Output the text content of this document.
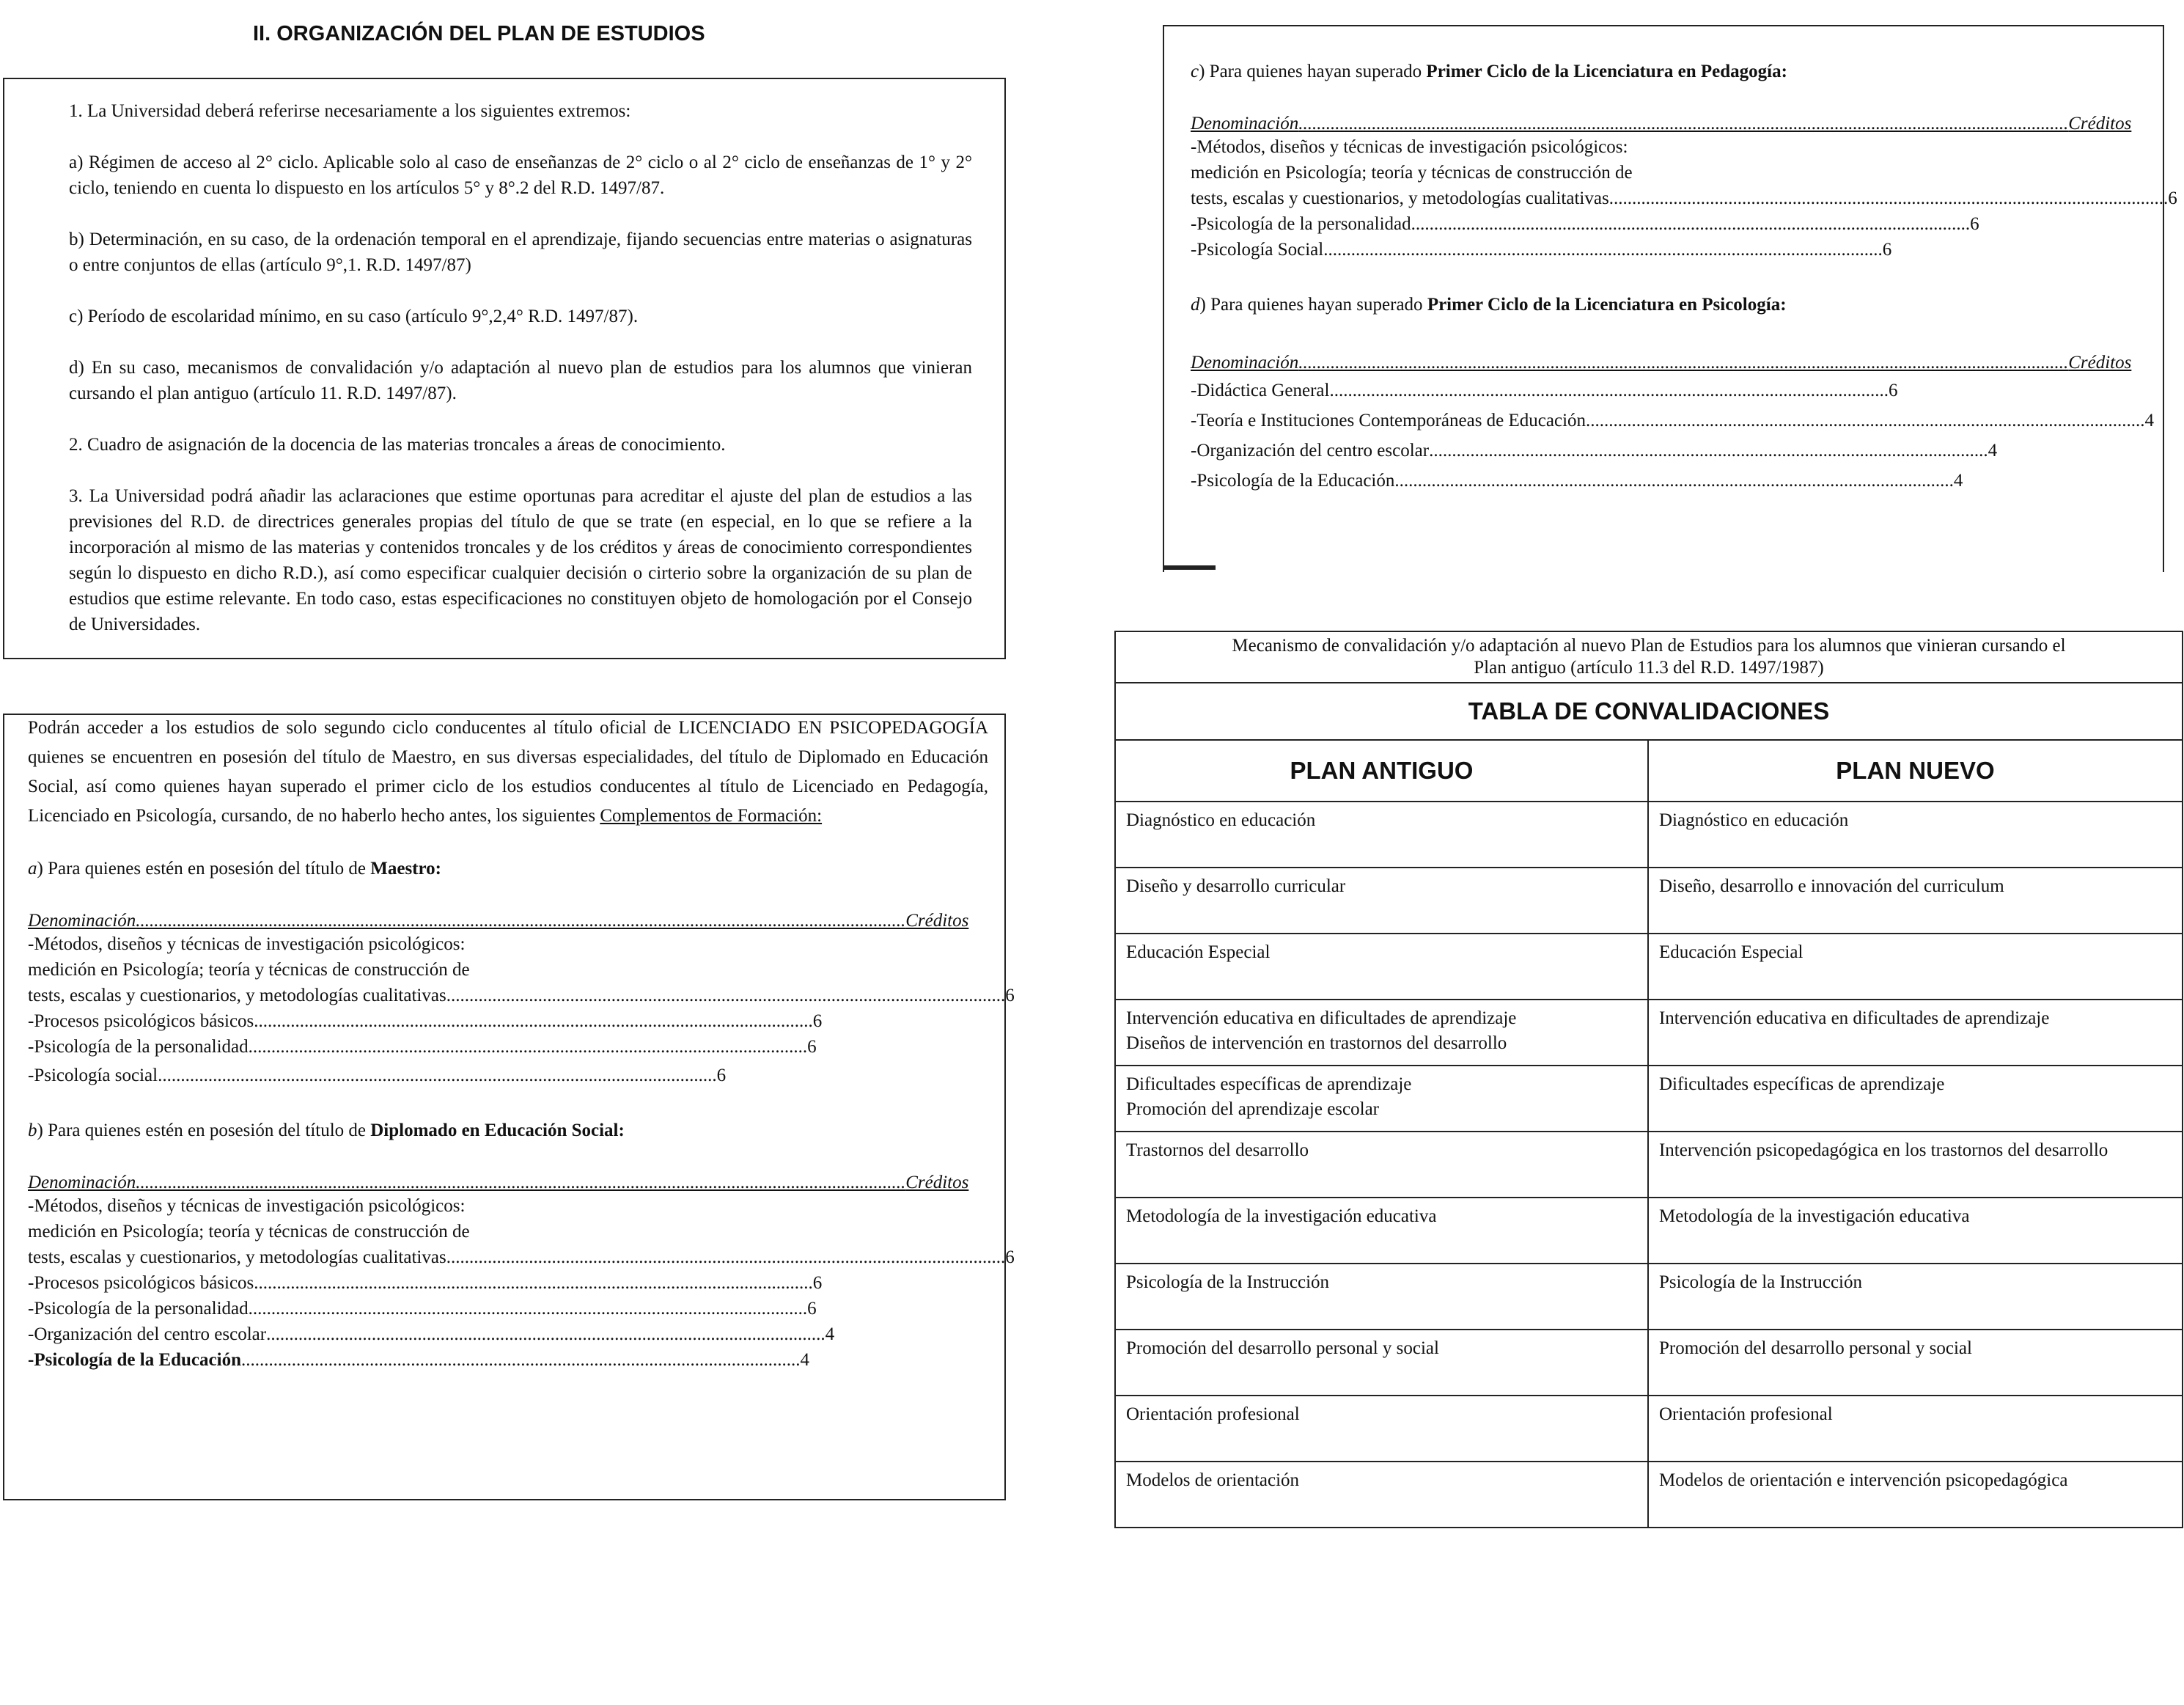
II. ORGANIZACIÓN DEL PLAN DE ESTUDIOS

1. La Universidad deberá referirse necesariamente a los siguientes extremos:

a) Régimen de acceso al 2° ciclo. Aplicable solo al caso de enseñanzas de 2° ciclo o al 2° ciclo de enseñanzas de 1° y 2° ciclo, teniendo en cuenta lo dispuesto en los artículos 5° y 8°.2 del R.D. 1497/87.

b) Determinación, en su caso, de la ordenación temporal en el aprendizaje, fijando secuencias entre materias o asignaturas o entre conjuntos de ellas (artículo 9°,1. R.D. 1497/87)

c) Período de escolaridad mínimo, en su caso (artículo 9°,2,4° R.D. 1497/87).

d) En su caso, mecanismos de convalidación y/o adaptación al nuevo plan de estudios para los alumnos que vinieran cursando el plan antiguo (artículo 11. R.D. 1497/87).

2. Cuadro de asignación de la docencia de las materias troncales a áreas de conocimiento.

3. La Universidad podrá añadir las aclaraciones que estime oportunas para acreditar el ajuste del plan de estudios a las previsiones del R.D. de directrices generales propias del título de que se trate (en especial, en lo que se refiere a la incorporación al mismo de las materias y contenidos troncales y de los créditos y áreas de conocimiento correspondientes según lo dispuesto en dicho R.D.), así como especificar cualquier decisión o cirterio sobre la organización de su plan de estudios que estime relevante. En todo caso, estas especificaciones no constituyen objeto de homologación por el Consejo de Universidades.

Podrán acceder a los estudios de solo segundo ciclo conducentes al título oficial de LICENCIADO EN PSICOPEDAGOGÍA quienes se encuentren en posesión del título de Maestro, en sus diversas especialidades, del título de Diplomado en Educación Social, así como quienes hayan superado el primer ciclo de los estudios conducentes al título de Licenciado en Pedagogía, Licenciado en Psicología, cursando, de no haberlo hecho antes, los siguientes Complementos de Formación:

a) Para quienes estén en posesión del título de Maestro:

Denominación ........................................................................................................................................................................ Créditos
-Métodos, diseños y técnicas de investigación psicológicos:
medición en Psicología; teoría y técnicas de construcción de
tests, escalas y cuestionarios, y metodologías cualitativas .......................................................................................................................... 6
-Procesos psicológicos básicos .......................................................................................................................... 6
-Psicología de la personalidad .......................................................................................................................... 6
-Psicología social .......................................................................................................................... 6

b) Para quienes estén en posesión del título de Diplomado en Educación Social:

Denominación ........................................................................................................................................................................ Créditos
-Métodos, diseños y técnicas de investigación psicológicos:
medición en Psicología; teoría y técnicas de construcción de
tests, escalas y cuestionarios, y metodologías cualitativas .......................................................................................................................... 6
-Procesos psicológicos básicos .......................................................................................................................... 6
-Psicología de la personalidad .......................................................................................................................... 6
-Organización del centro escolar .......................................................................................................................... 4
-Psicología de la Educación .......................................................................................................................... 4

c) Para quienes hayan superado Primer Ciclo de la Licenciatura en Pedagogía:

Denominación ........................................................................................................................................................................ Créditos
-Métodos, diseños y técnicas de investigación psicológicos:
medición en Psicología; teoría y técnicas de construcción de
tests, escalas y cuestionarios, y metodologías cualitativas .......................................................................................................................... 6
-Psicología de la personalidad .......................................................................................................................... 6
-Psicología Social .......................................................................................................................... 6

d) Para quienes hayan superado Primer Ciclo de la Licenciatura en Psicología:

Denominación ........................................................................................................................................................................ Créditos
-Didáctica General .......................................................................................................................... 6
-Teoría e Instituciones Contemporáneas de Educación .......................................................................................................................... 4
-Organización del centro escolar .......................................................................................................................... 4
-Psicología de la Educación .......................................................................................................................... 4
Mecanismo de convalidación y/o adaptación al nuevo Plan de Estudios para los alumnos que vinieran cursando el
Plan antiguo (artículo 11.3 del R.D. 1497/1987)	

TABLA DE CONVALIDACIONES	
PLAN ANTIGUO	PLAN NUEVO

Diagnóstico en educación	Diagnóstico en educación

Diseño y desarrollo curricular	Diseño, desarrollo e innovación del curriculum

Educación Especial	Educación Especial

Intervención educativa en dificultades de aprendizaje
Diseños de intervención en trastornos del desarrollo	Intervención educativa en dificultades de aprendizaje

Dificultades específicas de aprendizaje
Promoción del aprendizaje escolar	Dificultades específicas de aprendizaje

Trastornos del desarrollo	Intervención psicopedagógica en los trastornos del desarrollo

Metodología de la investigación educativa	Metodología de la investigación educativa

Psicología de la Instrucción	Psicología de la Instrucción

Promoción del desarrollo personal y social	Promoción del desarrollo personal y social

Orientación profesional	Orientación profesional

Modelos de orientación	Modelos de orientación e intervención psicopedagógica
